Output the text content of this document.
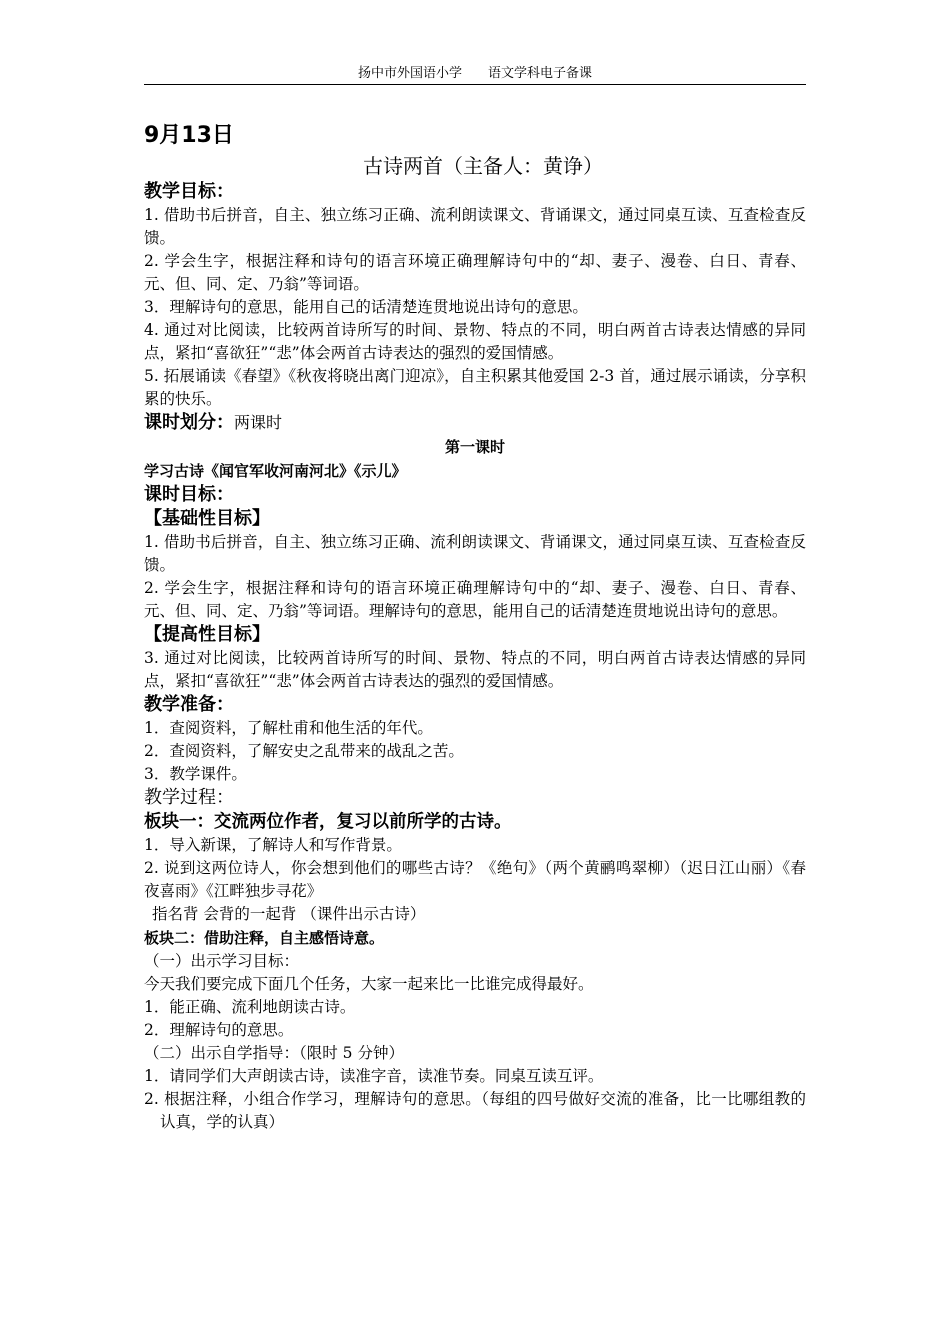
扬中市外国语小学 语文学科电子备课

9月13日

古诗两首（主备人：黄诤）

教学目标：

1. 借助书后拼音，自主、独立练习正确、流利朗读课文、背诵课文，通过同桌互读、互查检查反馈。

2. 学会生字，根据注释和诗句的语言环境正确理解诗句中的“却、妻子、漫卷、白日、青春、元、但、同、定、乃翁”等词语。

3．理解诗句的意思，能用自己的话清楚连贯地说出诗句的意思。

4. 通过对比阅读，比较两首诗所写的时间、景物、特点的不同，明白两首古诗表达情感的异同点，紧扣“喜欲狂”“悲”体会两首古诗表达的强烈的爱国情感。

5. 拓展诵读《春望》《秋夜将晓出离门迎凉》，自主积累其他爱国 2-3 首，通过展示诵读，分享积累的快乐。

课时划分：两课时

第一课时

学习古诗《闻官军收河南河北》《示儿》

课时目标：

【基础性目标】

1. 借助书后拼音，自主、独立练习正确、流利朗读课文、背诵课文，通过同桌互读、互查检查反馈。

2. 学会生字，根据注释和诗句的语言环境正确理解诗句中的“却、妻子、漫卷、白日、青春、元、但、同、定、乃翁”等词语。理解诗句的意思，能用自己的话清楚连贯地说出诗句的意思。

【提高性目标】

3. 通过对比阅读，比较两首诗所写的时间、景物、特点的不同，明白两首古诗表达情感的异同点，紧扣“喜欲狂”“悲”体会两首古诗表达的强烈的爱国情感。

教学准备：

1．查阅资料，了解杜甫和他生活的年代。

2．查阅资料，了解安史之乱带来的战乱之苦。

3．教学课件。

教学过程：

板块一：交流两位作者，复习以前所学的古诗。

1．导入新课，了解诗人和写作背景。

2. 说到这两位诗人，你会想到他们的哪些古诗？《绝句》（两个黄鹂鸣翠柳）（迟日江山丽）《春夜喜雨》《江畔独步寻花》

指名背 会背的一起背 （课件出示古诗）

板块二：借助注释，自主感悟诗意。

（一）出示学习目标：

今天我们要完成下面几个任务，大家一起来比一比谁完成得最好。

1．能正确、流利地朗读古诗。

2．理解诗句的意思。

（二）出示自学指导：（限时 5 分钟）

1．请同学们大声朗读古诗，读准字音，读准节奏。同桌互读互评。

2. 根据注释，小组合作学习，理解诗句的意思。（每组的四号做好交流的准备，比一比哪组教的认真，学的认真）
